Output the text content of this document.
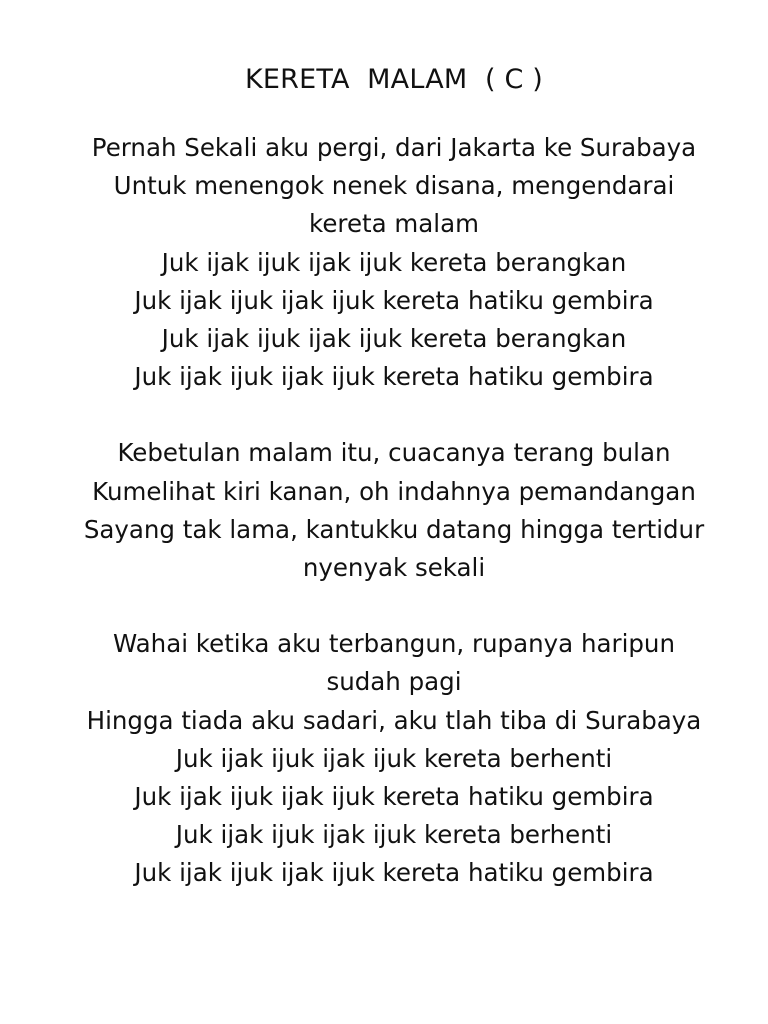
KERETA  MALAM  ( C )
Pernah Sekali aku pergi, dari Jakarta ke Surabaya
Untuk menengok nenek disana, mengendarai
kereta malam
Juk ijak ijuk ijak ijuk kereta berangkan
Juk ijak ijuk ijak ijuk kereta hatiku gembira
Juk ijak ijuk ijak ijuk kereta berangkan
Juk ijak ijuk ijak ijuk kereta hatiku gembira
Kebetulan malam itu, cuacanya terang bulan
Kumelihat kiri kanan, oh indahnya pemandangan
Sayang tak lama, kantukku datang hingga tertidur
nyenyak sekali
Wahai ketika aku terbangun, rupanya haripun
sudah pagi
Hingga tiada aku sadari, aku tlah tiba di Surabaya
Juk ijak ijuk ijak ijuk kereta berhenti
Juk ijak ijuk ijak ijuk kereta hatiku gembira
Juk ijak ijuk ijak ijuk kereta berhenti
Juk ijak ijuk ijak ijuk kereta hatiku gembira
